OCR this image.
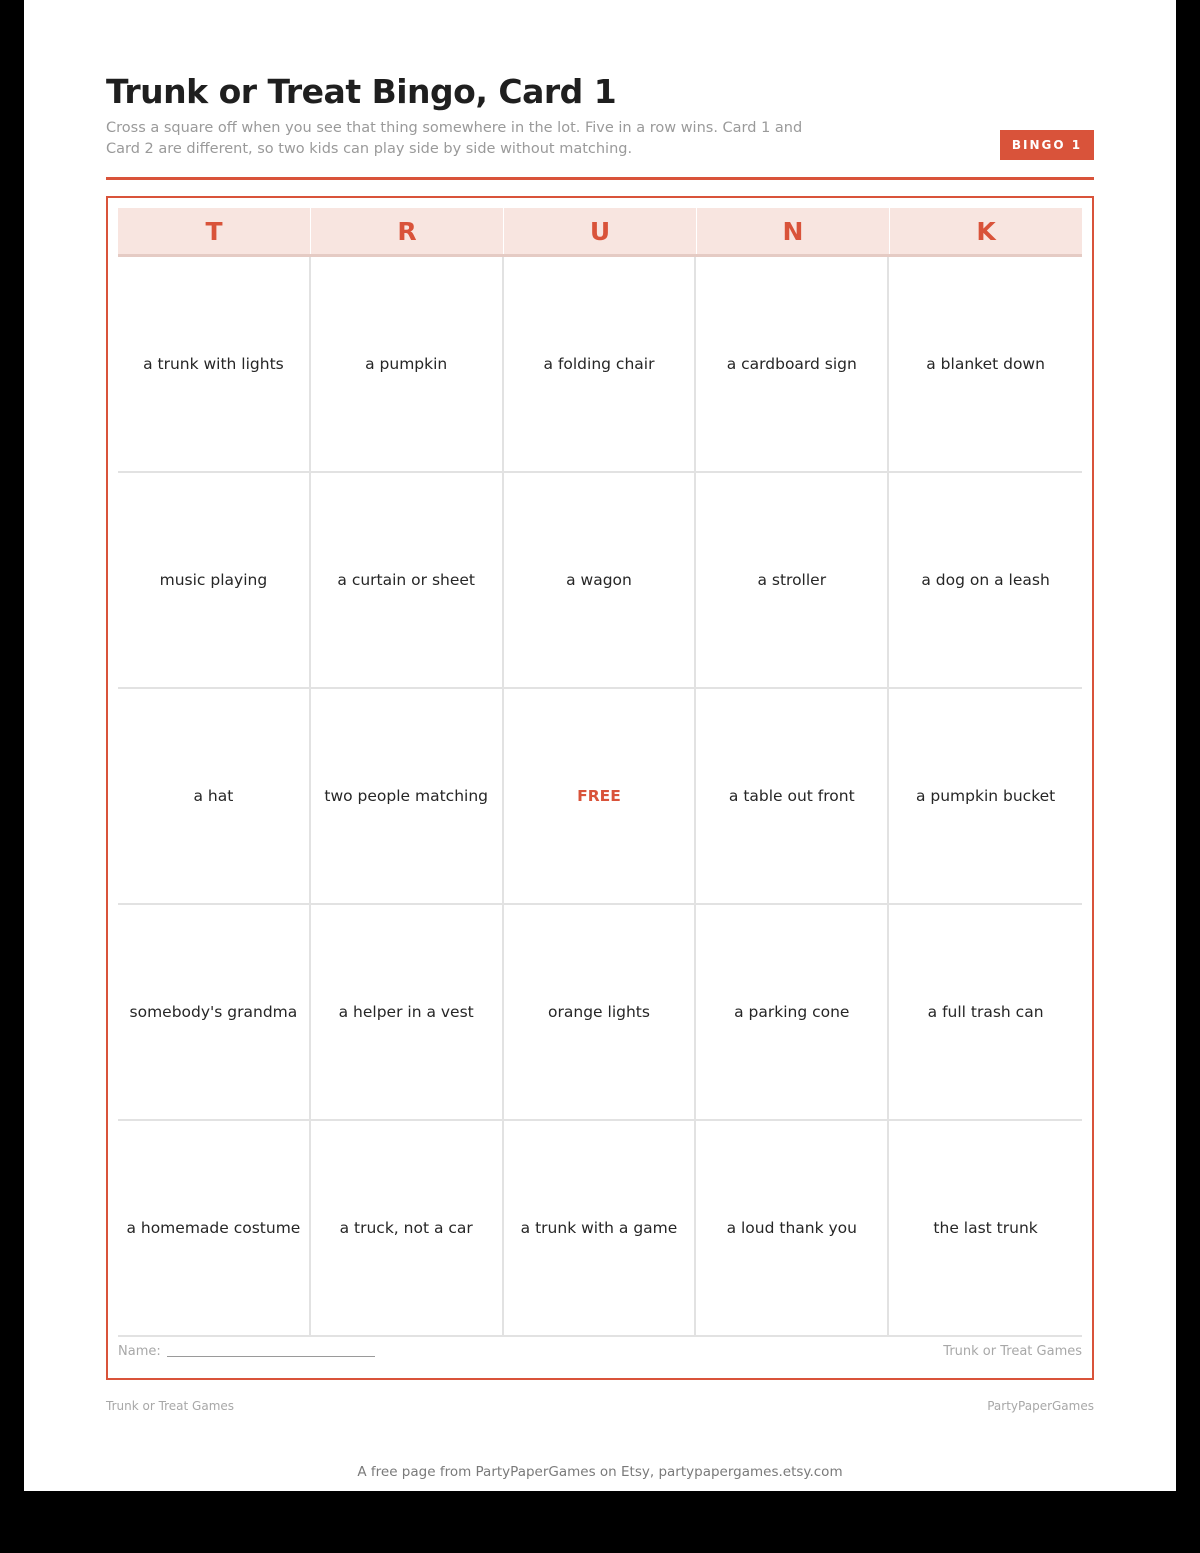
Trunk or Treat Bingo, Card 1

Cross a square off when you see that thing somewhere in the lot. Five in a row wins. Card 1 and Card 2 are different, so two kids can play side by side without matching.	BINGO 1
T	R	U	N	K
a trunk with lights	a pumpkin	a folding chair	a cardboard sign	a blanket down
music playing	a curtain or sheet	a wagon	a stroller	a dog on a leash
a hat	two people matching	FREE	a table out front	a pumpkin bucket
somebody's grandma	a helper in a vest	orange lights	a parking cone	a full trash can
a homemade costume	a truck, not a car	a trunk with a game	a loud thank you	the last trunk
Name:	Trunk or Treat Games
Trunk or Treat Games	PartyPaperGames
A free page from PartyPaperGames on Etsy, partypapergames.etsy.com
